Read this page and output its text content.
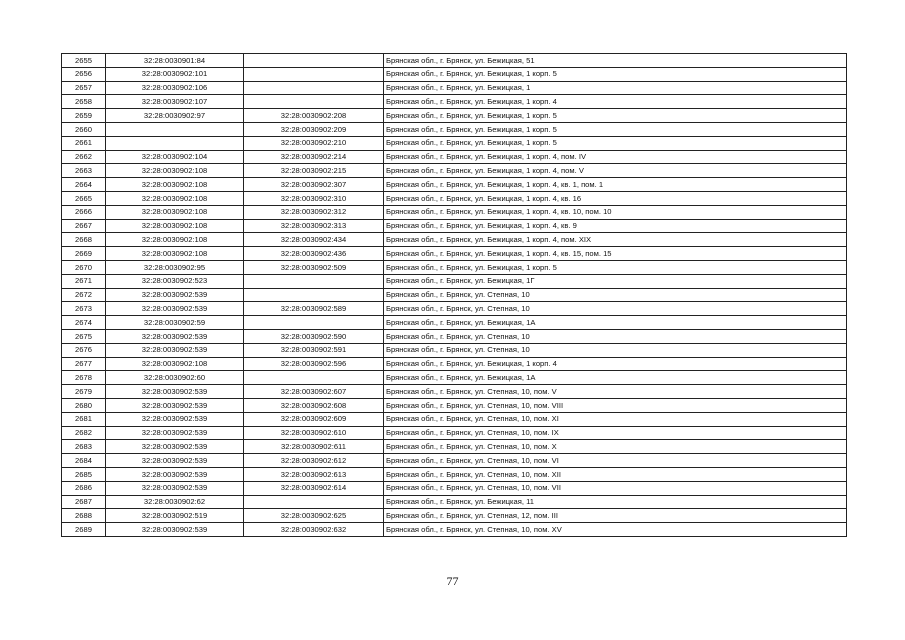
2655	32:28:0030901:84		Брянская обл., г. Брянск, ул. Бежицкая, 51
2656	32:28:0030902:101		Брянская обл., г. Брянск, ул. Бежицкая, 1 корп. 5
2657	32:28:0030902:106		Брянская обл., г. Брянск, ул. Бежицкая, 1
2658	32:28:0030902:107		Брянская обл., г. Брянск, ул. Бежицкая, 1 корп. 4
2659	32:28:0030902:97	32:28:0030902:208	Брянская обл., г. Брянск, ул. Бежицкая, 1 корп. 5
2660		32:28:0030902:209	Брянская обл., г. Брянск, ул. Бежицкая, 1 корп. 5
2661		32:28:0030902:210	Брянская обл., г. Брянск, ул. Бежицкая, 1 корп. 5
2662	32:28:0030902:104	32:28:0030902:214	Брянская обл., г. Брянск, ул. Бежицкая, 1 корп. 4, пом. IV
2663	32:28:0030902:108	32:28:0030902:215	Брянская обл., г. Брянск, ул. Бежицкая, 1 корп. 4, пом. V
2664	32:28:0030902:108	32:28:0030902:307	Брянская обл., г. Брянск, ул. Бежицкая, 1 корп. 4, кв. 1, пом. 1
2665	32:28:0030902:108	32:28:0030902:310	Брянская обл., г. Брянск, ул. Бежицкая, 1 корп. 4, кв. 16
2666	32:28:0030902:108	32:28:0030902:312	Брянская обл., г. Брянск, ул. Бежицкая, 1 корп. 4, кв. 10, пом. 10
2667	32:28:0030902:108	32:28:0030902:313	Брянская обл., г. Брянск, ул. Бежицкая, 1 корп. 4, кв. 9
2668	32:28:0030902:108	32:28:0030902:434	Брянская обл., г. Брянск, ул. Бежицкая, 1 корп. 4, пом. XIX
2669	32:28:0030902:108	32:28:0030902:436	Брянская обл., г. Брянск, ул. Бежицкая, 1 корп. 4, кв. 15, пом. 15
2670	32:28:0030902:95	32:28:0030902:509	Брянская обл., г. Брянск, ул. Бежицкая, 1 корп. 5
2671	32:28:0030902:523		Брянская обл., г. Брянск, ул. Бежицкая, 1Г
2672	32:28:0030902:539		Брянская обл., г. Брянск, ул. Степная, 10
2673	32:28:0030902:539	32:28:0030902:589	Брянская обл., г. Брянск, ул. Степная, 10
2674	32:28:0030902:59		Брянская обл., г. Брянск, ул. Бежицкая, 1А
2675	32:28:0030902:539	32:28:0030902:590	Брянская обл., г. Брянск, ул. Степная, 10
2676	32:28:0030902:539	32:28:0030902:591	Брянская обл., г. Брянск, ул. Степная, 10
2677	32:28:0030902:108	32:28:0030902:596	Брянская обл., г. Брянск, ул. Бежицкая, 1 корп. 4
2678	32:28:0030902:60		Брянская обл., г. Брянск, ул. Бежицкая, 1А
2679	32:28:0030902:539	32:28:0030902:607	Брянская обл., г. Брянск, ул. Степная, 10, пом. V
2680	32:28:0030902:539	32:28:0030902:608	Брянская обл., г. Брянск, ул. Степная, 10, пом. VIII
2681	32:28:0030902:539	32:28:0030902:609	Брянская обл., г. Брянск, ул. Степная, 10, пом. XI
2682	32:28:0030902:539	32:28:0030902:610	Брянская обл., г. Брянск, ул. Степная, 10, пом. IX
2683	32:28:0030902:539	32:28:0030902:611	Брянская обл., г. Брянск, ул. Степная, 10, пом. X
2684	32:28:0030902:539	32:28:0030902:612	Брянская обл., г. Брянск, ул. Степная, 10, пом. VI
2685	32:28:0030902:539	32:28:0030902:613	Брянская обл., г. Брянск, ул. Степная, 10, пом. XII
2686	32:28:0030902:539	32:28:0030902:614	Брянская обл., г. Брянск, ул. Степная, 10, пом. VII
2687	32:28:0030902:62		Брянская обл., г. Брянск, ул. Бежицкая, 11
2688	32:28:0030902:519	32:28:0030902:625	Брянская обл., г. Брянск, ул. Степная, 12, пом. III
2689	32:28:0030902:539	32:28:0030902:632	Брянская обл., г. Брянск, ул. Степная, 10, пом. XV
77
